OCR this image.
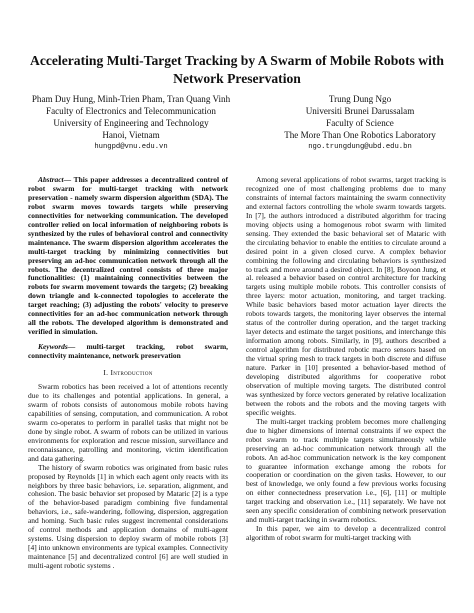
Accelerating Multi-Target Tracking by A Swarm of Mobile Robots with Network Preservation
Pham Duy Hung, Minh-Trien Pham, Tran Quang Vinh
Faculty of Electronics and Telecommunication
University of Engineering and Technology
Hanoi, Vietnam
hungpd@vnu.edu.vn
Trung Dung Ngo
Universiti Brunei Darussalam
Faculty of Science
The More Than One Robotics Laboratory
ngo.trungdung@ubd.edu.bn

Abstract— This paper addresses a decentralized control of robot swarm for multi-target tracking with network preservation - namely swarm dispersion algorithm (SDA). The robot swarm moves towards targets while preserving connectivities for networking communication. The developed controller relied on local information of neighboring robots is synthesized by the rules of behavioral control and connectivity maintenance. The swarm dispersion algorithm accelerates the multi-target tracking by minimizing connectivities but preserving an ad-hoc communication network through all the robots. The decentralized control consists of three major functionalities: (1) maintaining connectivities between the robots for swarm movement towards the targets; (2) breaking down triangle and k-connected topologies to accelerate the target reaching; (3) adjusting the robots' velocity to preserve connectivities for an ad-hoc communication network through all the robots. The developed algorithm is demonstrated and verified in simulation.

Keywords— multi-target tracking, robot swarm, connectivity maintenance, network preservation

I. Introduction

Swarm robotics has been received a lot of attentions recently due to its challenges and potential applications. In general, a swarm of robots consists of autonomous mobile robots having capabilities of sensing, computation, and communication. A robot swarm co-operates to perform in parallel tasks that might not be done by single robot. A swarm of robots can be utilized in various environments for exploration and rescue mission, surveillance and reconnaissance, patrolling and monitoring, victim identification and data gathering.

The history of swarm robotics was originated from basic rules proposed by Reynolds [1] in which each agent only reacts with its neighbors by three basic behaviors, i.e. separation, alignment, and cohesion. The basic behavior set proposed by Mataric [2] is a type of the behavior-based paradigm combining five fundamental behaviors, i.e., safe-wandering, following, dispersion, aggregation and homing. Such basic rules suggest incremental considerations of control methods and application domains of multi-agent systems. Using dispersion to deploy swarm of mobile robots [3] [4] into unknown environments are typical examples. Connectivity maintenance [5] and decentralized control [6] are well studied in multi-agent robotic systems .

Among several applications of robot swarms, target tracking is recognized one of most challenging problems due to many constraints of internal factors maintaining the swarm connectivity and external factors controlling the whole swarm towards targets. In [7], the authors introduced a distributed algorithm for tracing moving objects using a homogenous robot swarm with limited sensing. They extended the basic behavioral set of Mataric with the circulating behavior to enable the entities to circulate around a desired point in a given closed curve. A complex behavior combining the following and circulating behaviors is synthesized to track and move around a desired object. In [8], Boyoon Jung, et al. released a behavior based on control architecture for tracking targets using multiple mobile robots. This controller consists of three layers: motor actuation, monitoring, and target tracking. While basic behaviors based motor actuation layer directs the robots towards targets, the monitoring layer observes the internal status of the controller during operation, and the target tracking layer detects and estimate the target positions, and interchange this information among robots. Similarly, in [9], authors described a control algorithm for distributed robotic macro sensors based on the virtual spring mesh to track targets in both discrete and diffuse nature. Parker in [10] presented a behavior-based method of developing distributed algorithms for cooperative robot observation of multiple moving targets. The distributed control was synthesized by force vectors generated by relative localization between the robots and the robots and the moving targets with specific weights.

The multi-target tracking problem becomes more challenging due to higher dimensions of internal constraints if we expect the robot swarm to track multiple targets simultaneously while preserving an ad-hoc communication network through all the robots. An ad-hoc communication network is the key component to guarantee information exchange among the robots for cooperation or coordination on the given tasks. However, to our best of knowledge, we only found a few previous works focusing on either connectedness preservation i.e., [6], [11] or multiple target tracking and observation i.e., [11] separately. We have not seen any specific consideration of combining network preservation and multi-target tracking in swarm robotics.

In this paper, we aim to develop a decentralized control algorithm of robot swarm for multi-target tracking with
